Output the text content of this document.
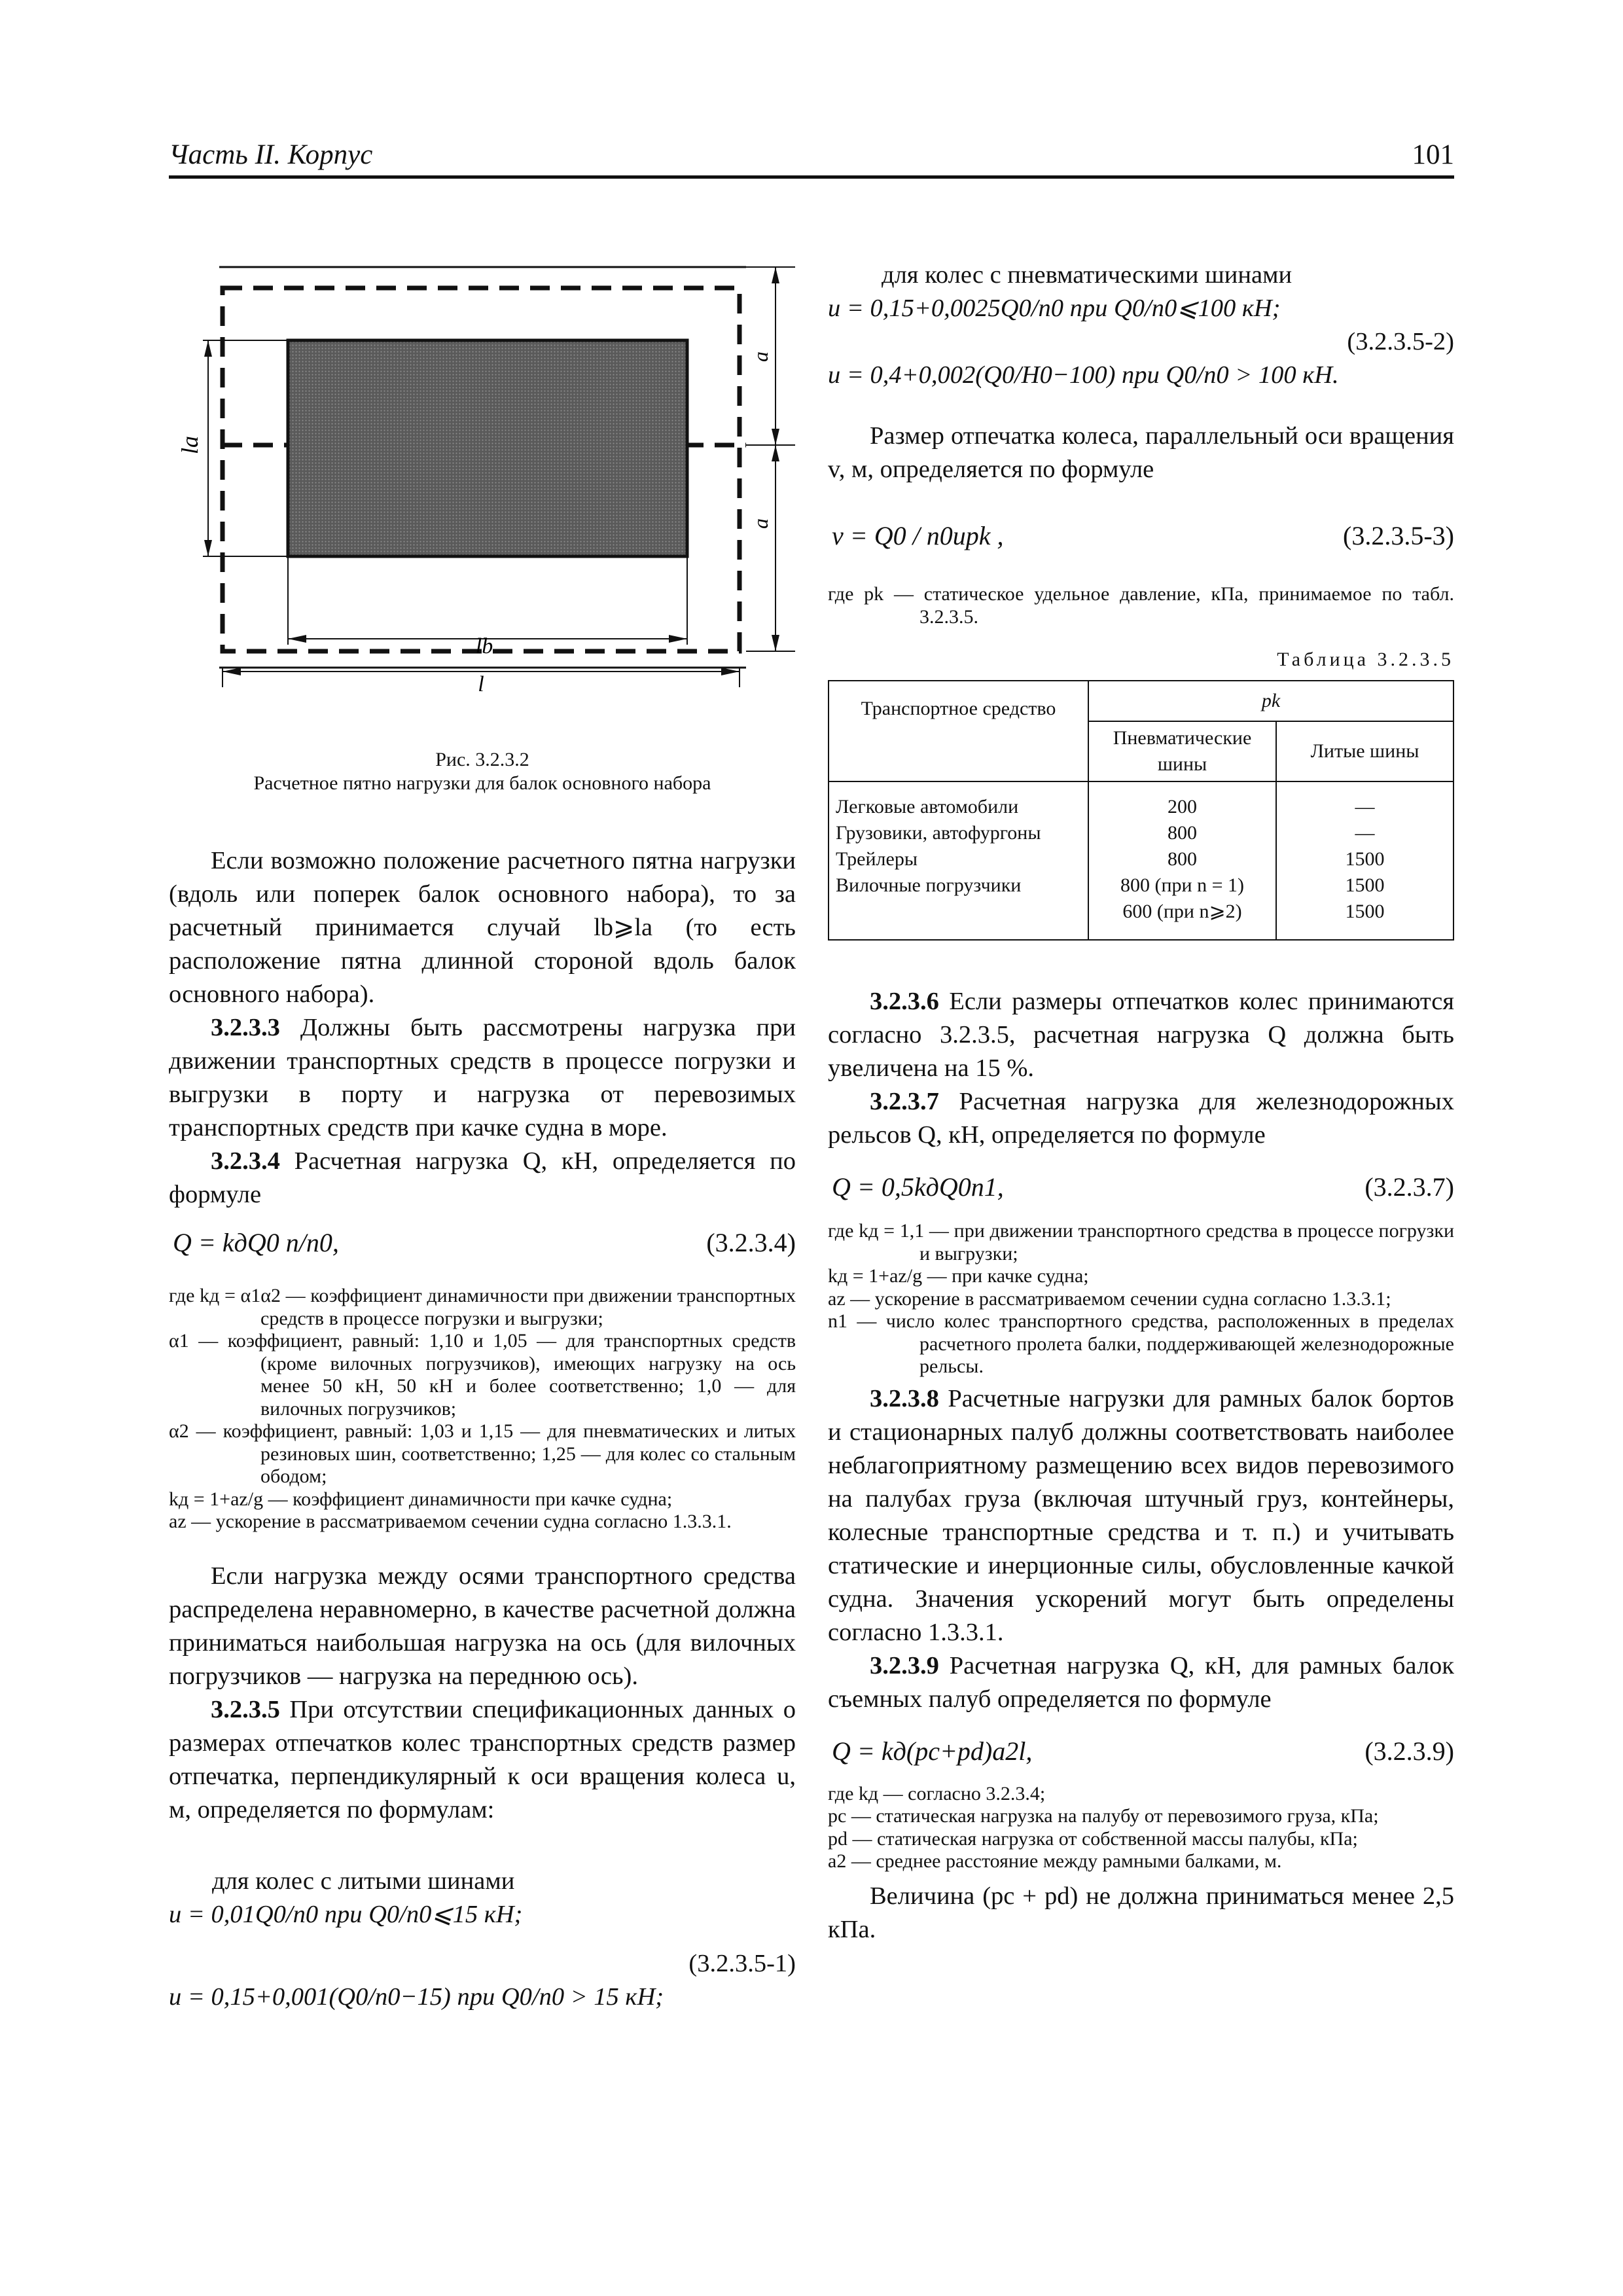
Часть II. Корпус	101
la
a
a
lb
l
Рис. 3.2.3.2
Расчетное пятно нагрузки для балок основного набора

Если возможно положение расчетного пятна нагрузки (вдоль или поперек балок основного набора), то за расчетный принимается случай lb⩾la (то есть расположение пятна длинной стороной вдоль балок основного набора).

3.2.3.3 Должны быть рассмотрены нагрузка при движении транспортных средств в процессе погрузки и выгрузки в порту и нагрузка от перевозимых транспортных средств при качке судна в море.

3.2.3.4 Расчетная нагрузка Q, кН, определяется по формуле

Q = kдQ0 n/n0,	(3.2.3.4)
где kд = α1α2 — коэффициент динамичности при движении транспортных средств в процессе погрузки и выгрузки;
α1 — коэффициент, равный: 1,10 и 1,05 — для транспортных средств (кроме вилочных погрузчиков), имеющих нагрузку на ось менее 50 кН, 50 кН и более соответственно; 1,0 — для вилочных погрузчиков;
α2 — коэффициент, равный: 1,03 и 1,15 — для пневматических и литых резиновых шин, соответственно; 1,25 — для колес со стальным ободом;
kд = 1+az/g — коэффициент динамичности при качке судна;
az — ускорение в рассматриваемом сечении судна согласно 1.3.3.1.

Если нагрузка между осями транспортного средства распределена неравномерно, в качестве расчетной должна приниматься наибольшая нагрузка на ось (для вилочных погрузчиков — нагрузка на переднюю ось).

3.2.3.5 При отсутствии спецификационных данных о размерах отпечатков колес транспортных средств размер отпечатка, перпендикулярный к оси вращения колеса u, м, определяется по формулам:

для колес с литыми шинами
u = 0,01Q0/n0 при Q0/n0⩽15 кН;
(3.2.3.5-1)
u = 0,15+0,001(Q0/n0−15) при Q0/n0 > 15 кН;
для колес с пневматическими шинами
u = 0,15+0,0025Q0/n0 при Q0/n0⩽100 кН;
(3.2.3.5-2)
u = 0,4+0,002(Q0/H0−100) при Q0/n0 > 100 кН.

Размер отпечатка колеса, параллельный оси вращения v, м, определяется по формуле

v = Q0 / n0upk ,	(3.2.3.5-3)
где pk — статическое удельное давление, кПа, принимаемое по табл. 3.2.3.5.
Таблица 3.2.3.5
Транспортное средство	pk	
	Пневматические шины	Литые шины
Легковые автомобили	200	—
Грузовики, автофургоны	800	—
Трейлеры	800	1500
Вилочные погрузчики	800 (при n = 1)	1500
	600 (при n⩾2)	1500

3.2.3.6 Если размеры отпечатков колес принимаются согласно 3.2.3.5, расчетная нагрузка Q должна быть увеличена на 15 %.

3.2.3.7 Расчетная нагрузка для железнодорожных рельсов Q, кН, определяется по формуле

Q = 0,5kдQ0n1,	(3.2.3.7)
где kд = 1,1 — при движении транспортного средства в процессе погрузки и выгрузки;
kд = 1+az/g — при качке судна;
az — ускорение в рассматриваемом сечении судна согласно 1.3.3.1;
n1 — число колес транспортного средства, расположенных в пределах расчетного пролета балки, поддерживающей железнодорожные рельсы.

3.2.3.8 Расчетные нагрузки для рамных балок бортов и стационарных палуб должны соответствовать наиболее неблагоприятному размещению всех видов перевозимого на палубах груза (включая штучный груз, контейнеры, колесные транспортные средства и т. п.) и учитывать статические и инерционные силы, обусловленные качкой судна. Значения ускорений могут быть определены согласно 1.3.3.1.

3.2.3.9 Расчетная нагрузка Q, кН, для рамных балок съемных палуб определяется по формуле

Q = kд(pc+pd)a2l,	(3.2.3.9)
где kд — согласно 3.2.3.4;
pc — статическая нагрузка на палубу от перевозимого груза, кПа;
pd — статическая нагрузка от собственной массы палубы, кПа;
a2 — среднее расстояние между рамными балками, м.

Величина (pc + pd) не должна приниматься менее 2,5 кПа.
